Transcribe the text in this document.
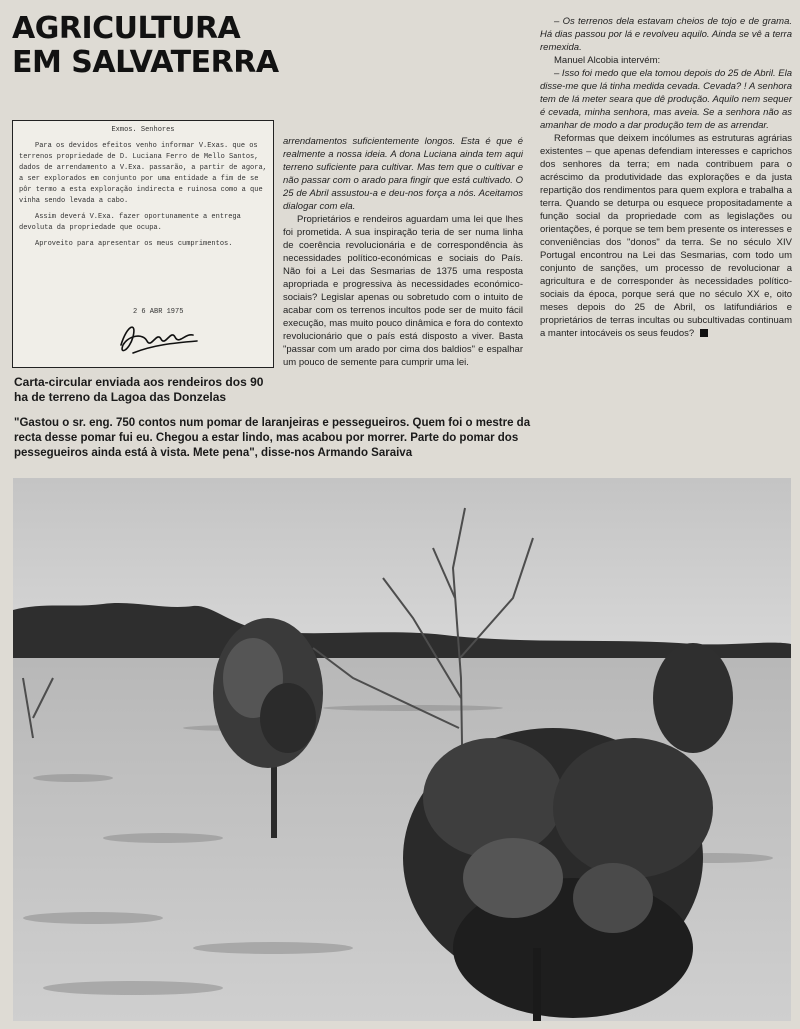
AGRICULTURA
EM SALVATERRA
Exmos. Senhores

Para os devidos efeitos venho informar V.Exas. que os terrenos propriedade de D. Luciana Ferro de Mello Santos, dados de arrendamento a V.Exa. passarão, a partir de agora, a ser explorados em conjunto por uma entidade a fim de se pôr termo a esta exploração indirecta e ruinosa como a que vinha sendo levada a cabo.

Assim deverá V.Exa. fazer oportunamente a entrega devoluta da propriedade que ocupa.

Aproveito para apresentar os meus cumprimentos.

2 6 ABR 1975
Carta-circular enviada aos rendeiros dos 90 ha de terreno da Lagoa das Donzelas

arrendamentos suficientemente longos. Esta é que é realmente a nossa ideia. A dona Luciana ainda tem aqui terreno suficiente para cultivar. Mas tem que o cultivar e não passar com o arado para fingir que está cultivado. O 25 de Abril assustou-a e deu-nos força a nós. Aceitamos dialogar com ela.

Proprietários e rendeiros aguardam uma lei que lhes foi prometida. A sua inspiração teria de ser numa linha de coerência revolucionária e de correspondência às necessidades político-económicas e sociais do País. Não foi a Lei das Sesmarias de 1375 uma resposta apropriada e progressiva às necessidades económico-sociais? Legislar apenas ou sobretudo com o intuito de acabar com os terrenos incultos pode ser de muito fácil execução, mas muito pouco dinâmica e fora do contexto revolucionário que o país está disposto a viver. Basta "passar com um arado por cima dos baldios" e espalhar um pouco de semente para cumprir uma lei.

– Os terrenos dela estavam cheios de tojo e de grama. Há dias passou por lá e revolveu aquilo. Ainda se vê a terra remexida.

Manuel Alcobia intervém:

– Isso foi medo que ela tomou depois do 25 de Abril. Ela disse-me que lá tinha medida cevada. Cevada? ! A senhora tem de lá meter seara que dê produção. Aquilo nem sequer é cevada, minha senhora, mas aveia. Se a senhora não as amanhar de modo a dar produção tem de as arrendar.

Reformas que deixem incólumes as estruturas agrárias existentes – que apenas defendiam interesses e caprichos dos senhores da terra; em nada contribuem para o acréscimo da produtividade das explorações e da justa repartição dos rendimentos para quem explora e trabalha a terra. Quando se deturpa ou esquece propositadamente a função social da propriedade com as legislações ou orientações, é porque se tem bem presente os interesses e conveniências dos "donos" da terra. Se no século XIV Portugal encontrou na Lei das Sesmarias, com todo um conjunto de sanções, um processo de revolucionar a agricultura e de corresponder às necessidades político-sociais da época, porque será que no século XX e, oito meses depois do 25 de Abril, os latifundiários e proprietários de terras incultas ou subcultivadas continuam a manter intocáveis os seus feudos?

"Gastou o sr. eng. 750 contos num pomar de laranjeiras e pessegueiros. Quem foi o mestre da recta desse pomar fui eu. Chegou a estar lindo, mas acabou por morrer. Parte do pomar dos pessegueiros ainda está à vista. Mete pena", disse-nos Armando Saraiva
